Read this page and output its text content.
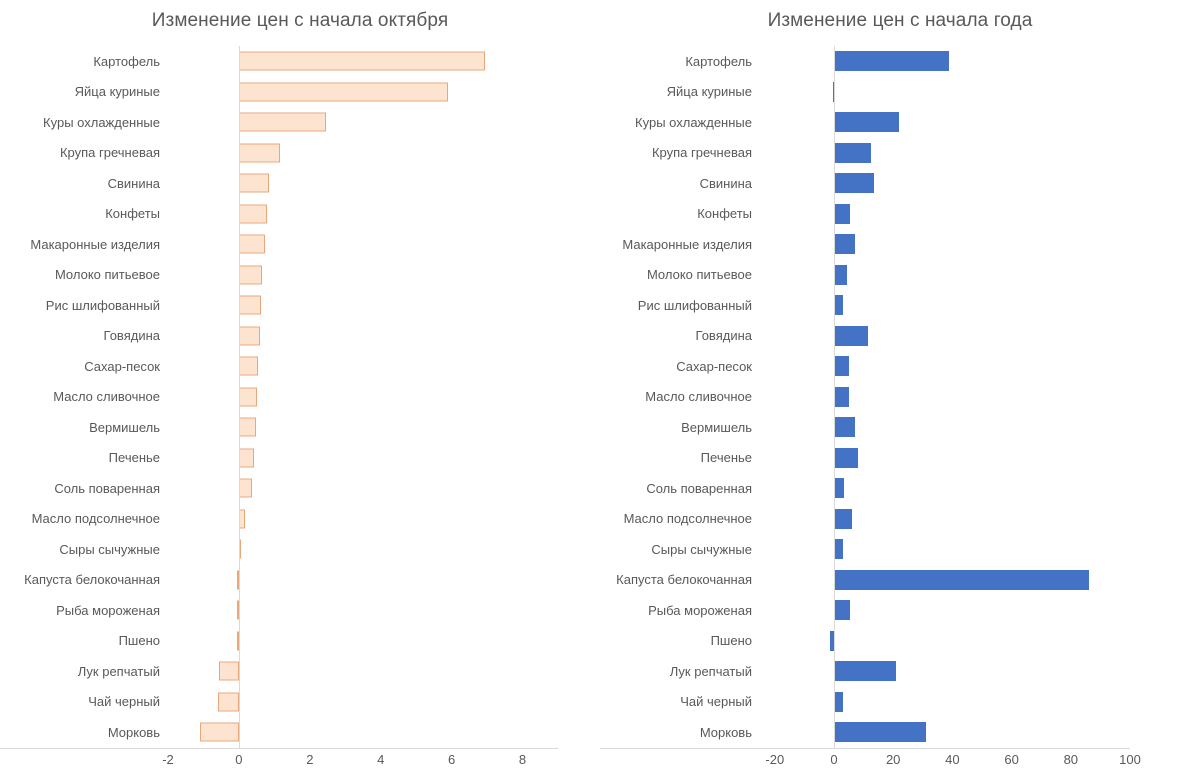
Изменение цен с начала октября
Картофель
Яйца куриные
Куры охлажденные
Крупа гречневая
Свинина
Конфеты
Макаронные изделия
Молоко питьевое
Рис шлифованный
Говядина
Сахар-песок
Масло сливочное
Вермишель
Печенье
Соль поваренная
Масло подсолнечное
Сыры сычужные
Капуста белокочанная
Рыба мороженая
Пшено
Лук репчатый
Чай черный
Морковь
-2	0	2	4	6	8
Изменение цен с начала года
Картофель
Яйца куриные
Куры охлажденные
Крупа гречневая
Свинина
Конфеты
Макаронные изделия
Молоко питьевое
Рис шлифованный
Говядина
Сахар-песок
Масло сливочное
Вермишель
Печенье
Соль поваренная
Масло подсолнечное
Сыры сычужные
Капуста белокочанная
Рыба мороженая
Пшено
Лук репчатый
Чай черный
Морковь
-20	0	20	40	60	80	100
